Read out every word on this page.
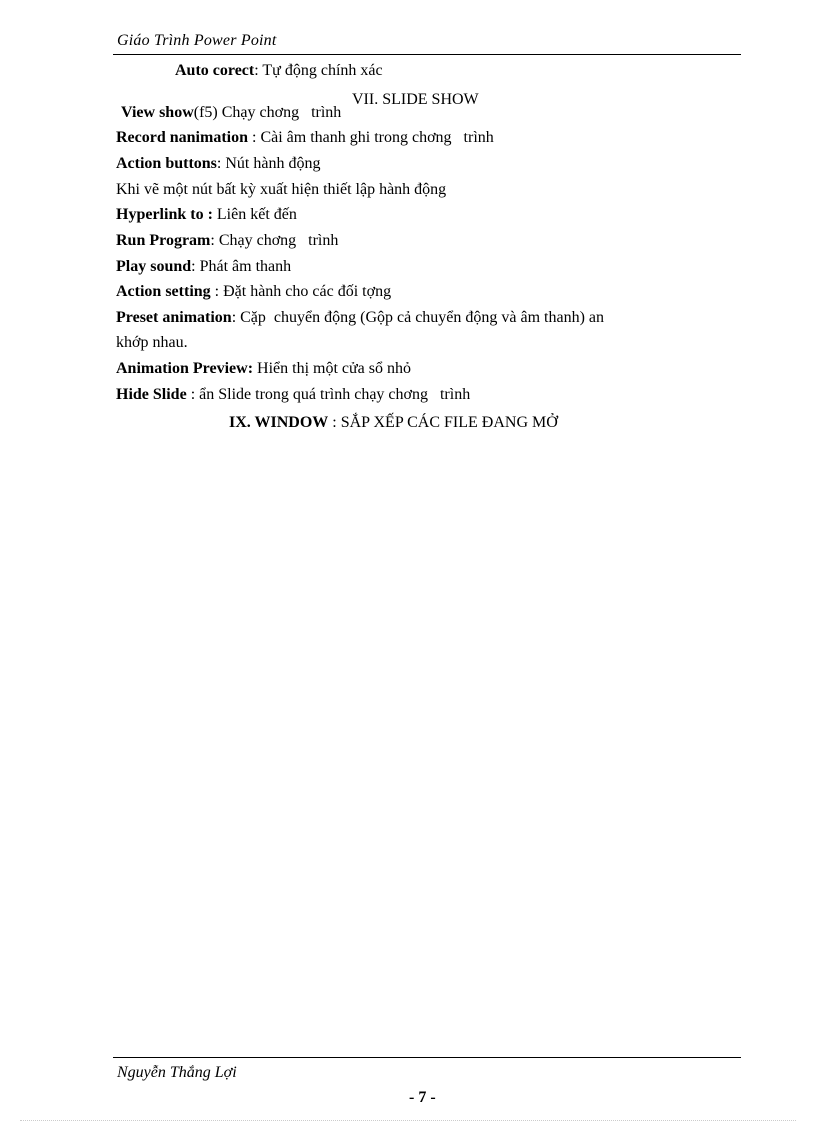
Giáo Trình Power Point
Auto corect: Tự động chính xác
VII. SLIDE SHOW
View show(f5) Chạy chơng   trình
Record nanimation : Cài âm thanh ghi trong chơng   trình
Action buttons: Nút hành động
Khi vẽ một nút bất kỳ xuất hiện thiết lập hành động
Hyperlink to : Liên kết đến
Run Program: Chạy chơng   trình
Play sound: Phát âm thanh
Action setting : Đặt hành cho các đối tợng
Preset animation: Cặp  chuyển động (Gộp cả chuyển động và âm thanh) an
khớp nhau.
Animation Preview: Hiển thị một cửa sổ nhỏ
Hide Slide : ẩn Slide trong quá trình chạy chơng   trình
IX. WINDOW : SẮP XẾP CÁC FILE ĐANG MỞ
Nguyễn Thắng Lợi
- 7 -
